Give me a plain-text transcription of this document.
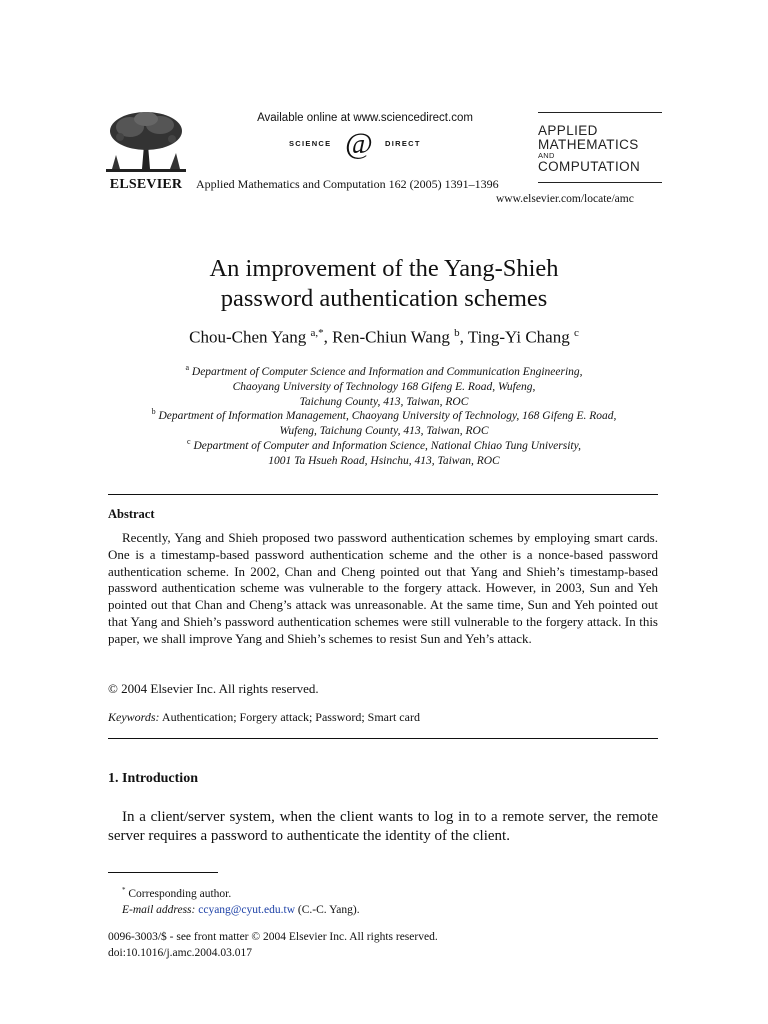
ELSEVIER
Available online at www.sciencedirect.com
SCIENCE @ DIRECT
Applied Mathematics and Computation 162 (2005) 1391–1396
APPLIED
MATHEMATICS
AND
COMPUTATION
www.elsevier.com/locate/amc
An improvement of the Yang-Shieh
password authentication schemes
Chou-Chen Yang $^{a,*}$, Ren-Chiun Wang $^b$, Ting-Yi Chang $^c$
$^a$ Department of Computer Science and Information and Communication Engineering,
Chaoyang University of Technology 168 Gifeng E. Road, Wufeng,
Taichung County, 413, Taiwan, ROC
$^b$ Department of Information Management, Chaoyang University of Technology, 168 Gifeng E. Road,
Wufeng, Taichung County, 413, Taiwan, ROC
$^c$ Department of Computer and Information Science, National Chiao Tung University,
1001 Ta Hsueh Road, Hsinchu, 413, Taiwan, ROC
Abstract
Recently, Yang and Shieh proposed two password authentication schemes by employing smart cards. One is a timestamp-based password authentication scheme and the other is a nonce-based password authentication scheme. In 2002, Chan and Cheng pointed out that Yang and Shieh’s timestamp-based password authentication scheme was vulnerable to the forgery attack. However, in 2003, Sun and Yeh pointed out that Chan and Cheng’s attack was unreasonable. At the same time, Sun and Yeh pointed out that Yang and Shieh’s password authentication schemes were still vulnerable to the forgery attack. In this paper, we shall improve Yang and Shieh’s schemes to resist Sun and Yeh’s attack.
© 2004 Elsevier Inc. All rights reserved.
Keywords: Authentication; Forgery attack; Password; Smart card
1. Introduction
In a client/server system, when the client wants to log in to a remote server, the remote server requires a password to authenticate the identity of the client.
* Corresponding author.
E-mail address: ccyang@cyut.edu.tw (C.-C. Yang).
0096-3003/$ - see front matter © 2004 Elsevier Inc. All rights reserved.
doi:10.1016/j.amc.2004.03.017
